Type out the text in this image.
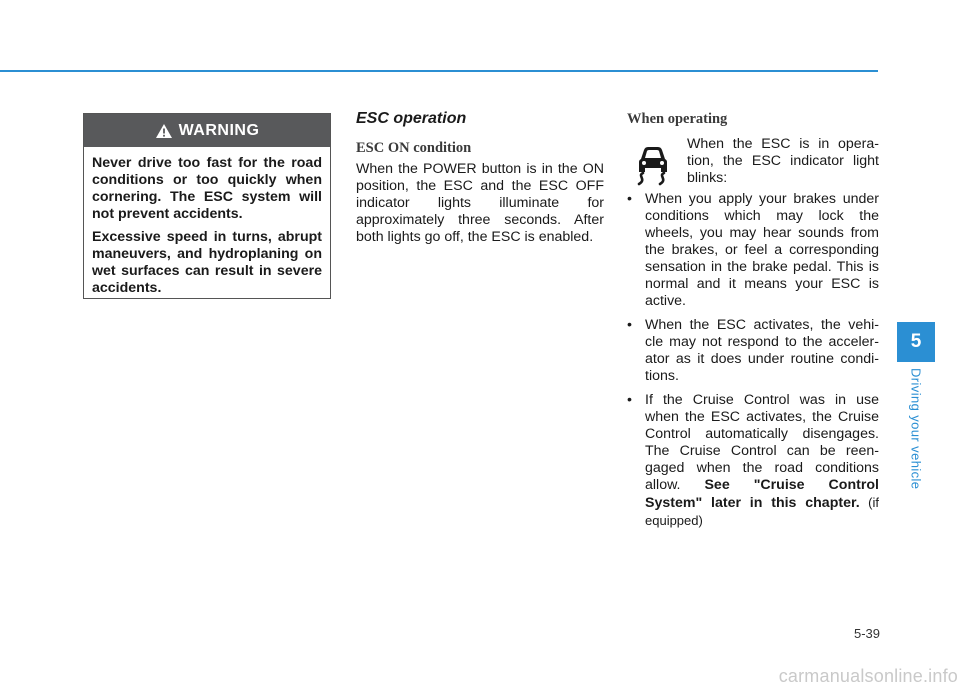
WARNING

Never drive too fast for the road conditions or too quickly when cornering. The ESC system will not prevent accidents.

Excessive speed in turns, abrupt maneuvers, and hydroplaning on wet surfaces can result in severe accidents.

ESC operation
ESC ON condition

When the POWER button is in the ON position, the ESC and the ESC OFF indicator lights illuminate for approximately three seconds. After both lights go off, the ESC is enabled.

When operating

When the ESC is in opera-tion, the ESC indicator light blinks:

• When you apply your brakes under conditions which may lock the wheels, you may hear sounds from the brakes, or feel a corresponding sensation in the brake pedal. This is normal and it means your ESC is active.
• When the ESC activates, the vehi-cle may not respond to the acceler-ator as it does under routine condi-tions.
• If the Cruise Control was in use when the ESC activates, the Cruise Control automatically disengages. The Cruise Control can be reen-gaged when the road conditions allow. See "Cruise Control System" later in this chapter. (if equipped)
5
Driving your vehicle
5-39
carmanualsonline.info
